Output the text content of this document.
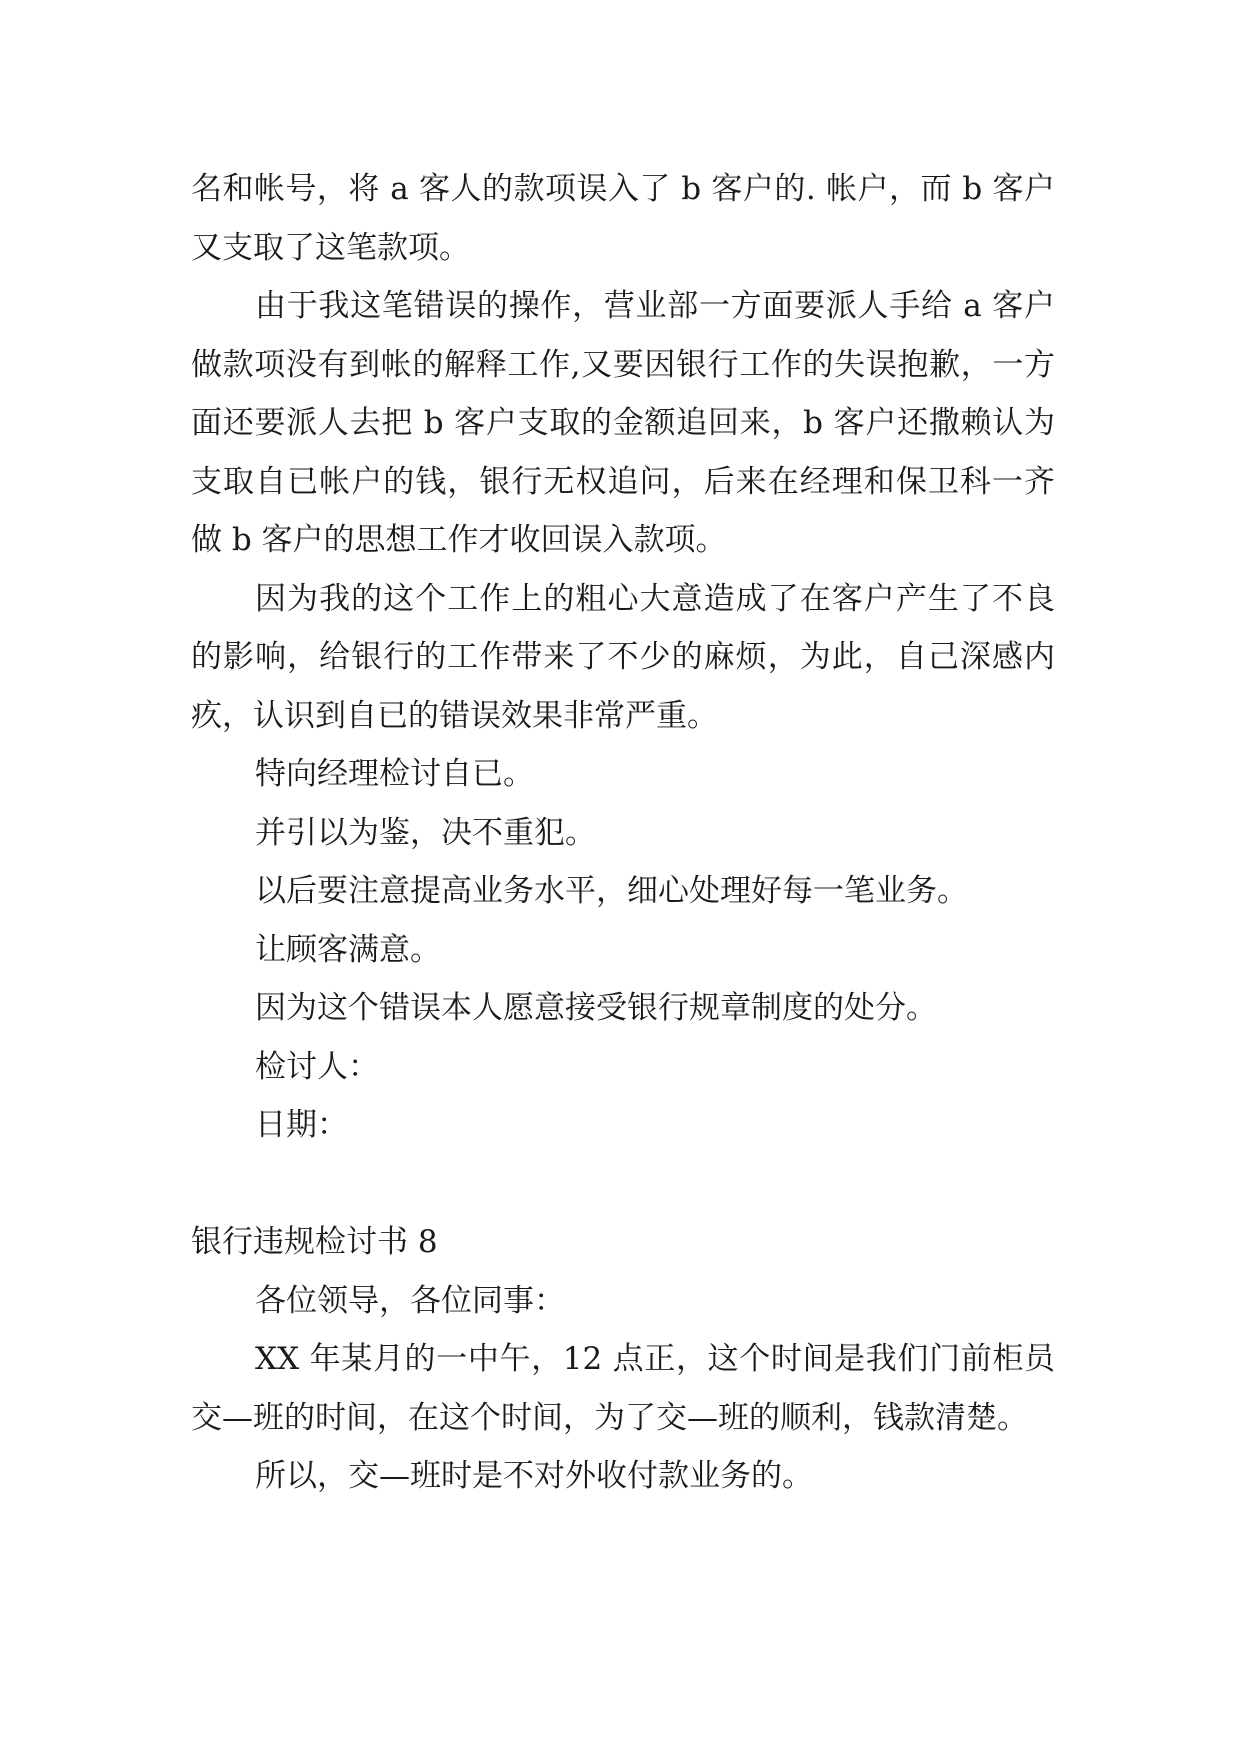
名和帐号，将 a 客人的款项误入了 b 客户的. 帐户，而 b 客户又支取了这笔款项。

由于我这笔错误的操作，营业部一方面要派人手给 a 客户做款项没有到帐的解释工作,又要因银行工作的失误抱歉，一方面还要派人去把 b 客户支取的金额追回来，b 客户还撒赖认为支取自已帐户的钱，银行无权追问，后来在经理和保卫科一齐做 b 客户的思想工作才收回误入款项。

因为我的这个工作上的粗心大意造成了在客户产生了不良的影响，给银行的工作带来了不少的麻烦，为此，自己深感内疚，认识到自已的错误效果非常严重。

特向经理检讨自已。

并引以为鉴，决不重犯。

以后要注意提高业务水平，细心处理好每一笔业务。

让顾客满意。

因为这个错误本人愿意接受银行规章制度的处分。

检讨人：

日期：

银行违规检讨书 8

各位领导，各位同事：

XX 年某月的一中午，12 点正，这个时间是我们门前柜员交—班的时间，在这个时间，为了交—班的顺利，钱款清楚。

所以，交—班时是不对外收付款业务的。
